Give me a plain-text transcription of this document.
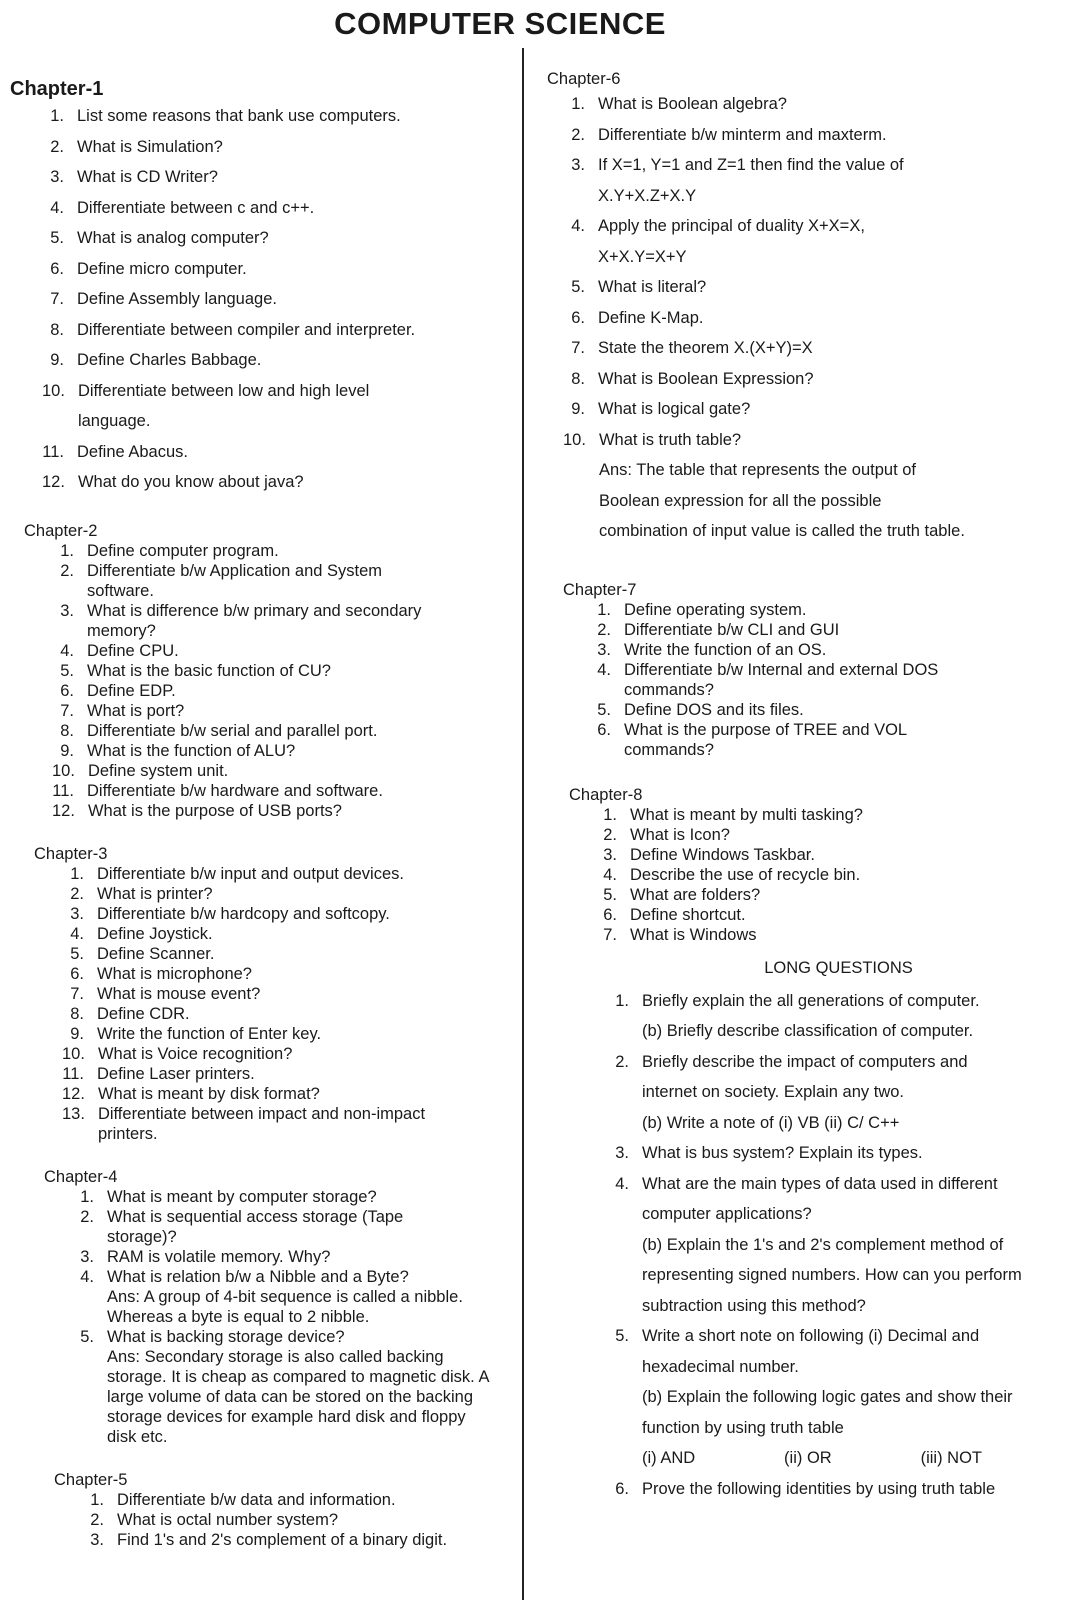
COMPUTER SCIENCE
Chapter-1
1. List some reasons that bank use computers.
2. What is Simulation?
3. What is CD Writer?
4. Differentiate between c and c++.
5. What is analog computer?
6. Define micro computer.
7. Define Assembly language.
8. Differentiate between compiler and interpreter.
9. Define Charles Babbage.
10. Differentiate between low and high level language.
11. Define Abacus.
12. What do you know about java?
Chapter-2
1. Define computer program.
2. Differentiate b/w Application and System software.
3. What is difference b/w primary and secondary memory?
4. Define CPU.
5. What is the basic function of CU?
6. Define EDP.
7. What is port?
8. Differentiate b/w serial and parallel port.
9. What is the function of ALU?
10. Define system unit.
11. Differentiate b/w hardware and software.
12. What is the purpose of USB ports?
Chapter-3
1. Differentiate b/w input and output devices.
2. What is printer?
3. Differentiate b/w hardcopy and softcopy.
4. Define Joystick.
5. Define Scanner.
6. What is microphone?
7. What is mouse event?
8. Define CDR.
9. Write the function of Enter key.
10. What is Voice recognition?
11. Define Laser printers.
12. What is meant by disk format?
13. Differentiate between impact and non-impact printers.
Chapter-4
1. What is meant by computer storage?
2. What is sequential access storage (Tape storage)?
3. RAM is volatile memory. Why?
4. What is relation b/w a Nibble and a Byte?

Ans: A group of 4-bit sequence is called a nibble. Whereas a byte is equal to 2 nibble.
5. What is backing storage device?

Ans: Secondary storage is also called backing storage. It is cheap as compared to magnetic disk. A large volume of data can be stored on the backing storage devices for example hard disk and floppy disk etc.
Chapter-5
1. Differentiate b/w data and information.
2. What is octal number system?
3. Find 1's and 2's complement of a binary digit.
Chapter-6
1. What is Boolean algebra?
2. Differentiate b/w minterm and maxterm.
3. If X=1, Y=1 and Z=1 then find the value of X.Y+X.Z+X.Y
4. Apply the principal of duality X+X=X, X+X.Y=X+Y
5. What is literal?
6. Define K-Map.
7. State the theorem X.(X+Y)=X
8. What is Boolean Expression?
9. What is logical gate?
10. What is truth table?

Ans: The table that represents the output of Boolean expression for all the possible combination of input value is called the truth table.
Chapter-7
1. Define operating system.
2. Differentiate b/w CLI and GUI
3. Write the function of an OS.
4. Differentiate b/w Internal and external DOS commands?
5. Define DOS and its files.
6. What is the purpose of TREE and VOL commands?
Chapter-8
1. What is meant by multi tasking?
2. What is Icon?
3. Define Windows Taskbar.
4. Describe the use of recycle bin.
5. What are folders?
6. Define shortcut.
7. What is Windows
LONG QUESTIONS
1. Briefly explain the all generations of computer.
(b) Briefly describe classification of computer.
2. Briefly describe the impact of computers and internet on society. Explain any two.
(b) Write a note of (i) VB (ii) C/ C++
3. What is bus system? Explain its types.
4. What are the main types of data used in different computer applications?
(b) Explain the 1's and 2's complement method of representing signed numbers. How can you perform subtraction using this method?
5. Write a short note on following (i) Decimal and hexadecimal number.
(b) Explain the following logic gates and show their function by using truth table
(i) AND	(ii) OR	(iii) NOT
6. Prove the following identities by using truth table
